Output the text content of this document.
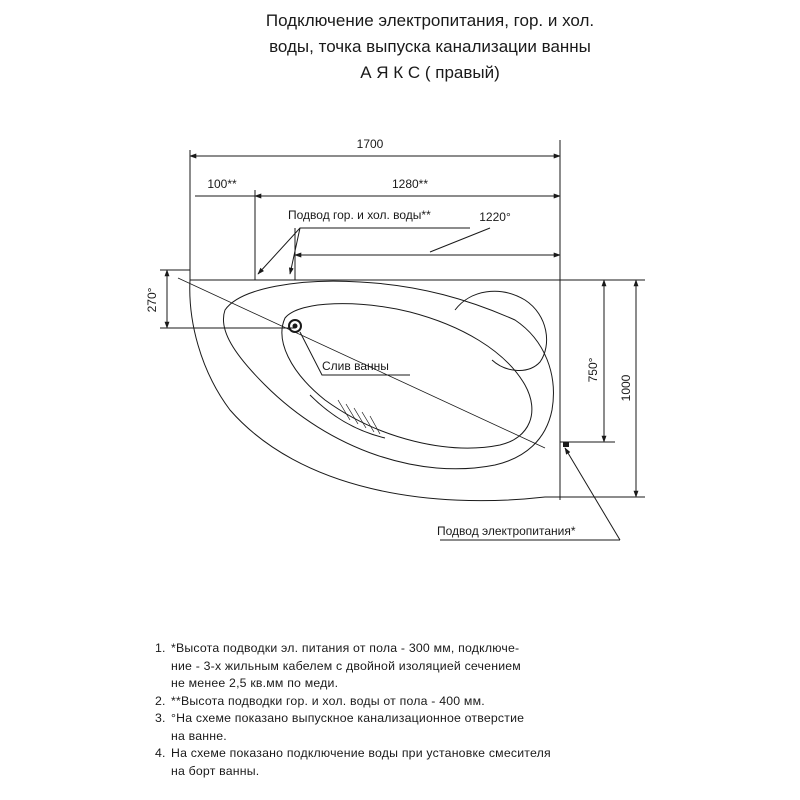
Подключение электропитания, гор. и хол.
воды, точка выпуска канализации ванны
А Я К С ( правый)
1700
100**	1280**
1220°
270°
750°
1000
Подвод гор. и хол. воды**
Слив ванны
Подвод электропитания*
1. *Высота подводки эл. питания от пола - 300 мм, подключе-
ние - 3-х жильным кабелем с двойной изоляцией сечением
не менее 2,5 кв.мм по меди.
2. **Высота подводки гор. и хол. воды от пола - 400 мм.
3. °На схеме показано выпускное канализационное отверстие
на ванне.
4. На схеме показано подключение воды при установке смесителя
на борт ванны.
